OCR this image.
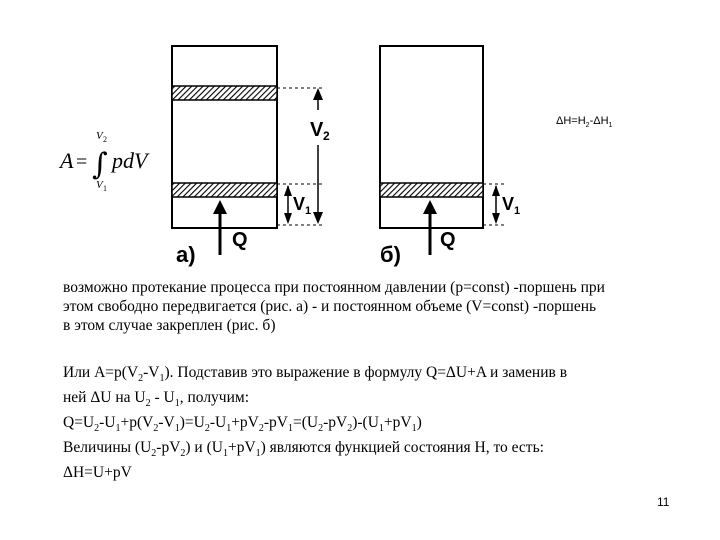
а)
Q
б)
Q
V 2
V 1	V 1
A = ∫
V 2
V 1
pdV
$\Delta H=H_2-\Delta H_1$
возможно протекание процесса при постоянном давлении (р=const) -поршень при
этом свободно передвигается (рис. а) - и постоянном объеме (V=const) -поршень
в этом случае закреплен (рис. б)
Или $А=р(V_2-V_1)$. Подставив это выражение в формулу Q=ΔU+A и заменив в
ней ΔU на $U_2 - U_1$, получим:
$Q=U_2-U_1+р(V_2-V_1)=U_2-U_1+рV_2-рV_1=(U_2-рV_2)-(U_1+рV_1)$
Величины $(U_2-рV_2)$ и $(U_1+рV_1)$ являются функцией состояния Н, то есть:
ΔН=U+рV
11
